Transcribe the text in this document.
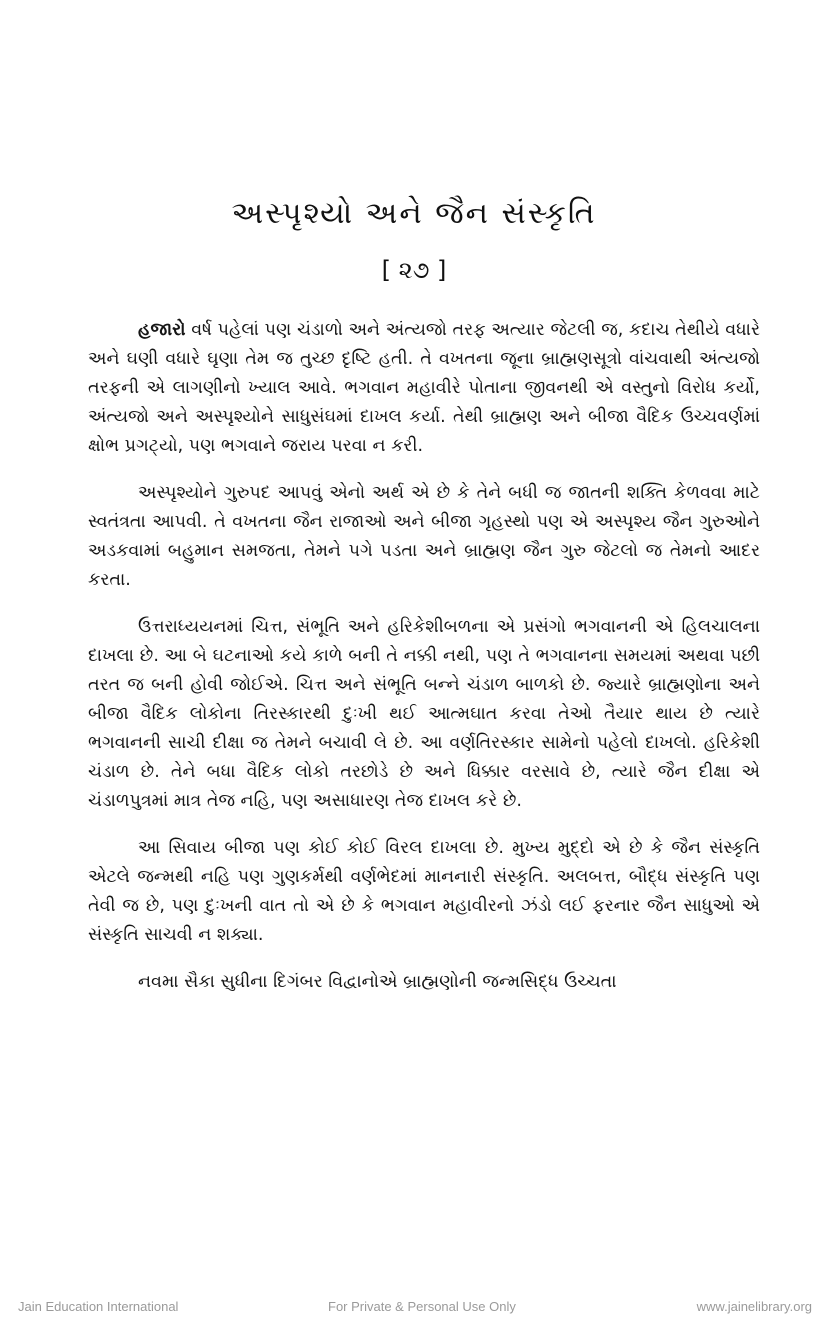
અસ્પૃશ્યો અને જૈન સંસ્કૃતિ
[ ૨૭ ]

હજારો વર્ષ પહેલાં પણ ચંડાળો અને અંત્યજો તરફ અત્યાર જેટલી જ, કદાચ તેથીયે વધારે અને ઘણી વધારે ઘૃણા તેમ જ તુચ્છ દૃષ્ટિ હતી. તે વખતના જૂના બ્રાહ્મણસૂત્રો વાંચવાથી અંત્યજો તરફની એ લાગણીનો ખ્યાલ આવે. ભગવાન મહાવીરે પોતાના જીવનથી એ વસ્તુનો વિરોધ કર્યો, અંત્યજો અને અસ્પૃશ્યોને સાધુસંઘમાં દાખલ કર્યા. તેથી બ્રાહ્મણ અને બીજા વૈદિક ઉચ્ચવર્ણમાં ક્ષોભ પ્રગટ્યો, પણ ભગવાને જરાય પરવા ન કરી.

અસ્પૃશ્યોને ગુરુપદ આપવું એનો અર્થ એ છે કે તેને બધી જ જાતની શક્તિ કેળવવા માટે સ્વતંત્રતા આપવી. તે વખતના જૈન રાજાઓ અને બીજા ગૃહસ્થો પણ એ અસ્પૃશ્ય જૈન ગુરુઓને અડકવામાં બહુમાન સમજતા, તેમને પગે પડતા અને બ્રાહ્મણ જૈન ગુરુ જેટલો જ તેમનો આદર કરતા.

ઉત્તરાધ્યયનમાં ચિત્ત, સંભૂતિ અને હરિકેશીબળના એ પ્રસંગો ભગવાનની એ હિલચાલના દાખલા છે. આ બે ઘટનાઓ કયે કાળે બની તે નક્કી નથી, પણ તે ભગવાનના સમયમાં અથવા પછી તરત જ બની હોવી જોઈએ. ચિત્ત અને સંભૂતિ બન્ને ચંડાળ બાળકો છે. જ્યારે બ્રાહ્મણોના અને બીજા વૈદિક લોકોના તિરસ્કારથી દુઃખી થઈ આત્મઘાત કરવા તેઓ તૈયાર થાય છે ત્યારે ભગવાનની સાચી દીક્ષા જ તેમને બચાવી લે છે. આ વર્ણતિરસ્કાર સામેનો પહેલો દાખલો. હરિકેશી ચંડાળ છે. તેને બધા વૈદિક લોકો તરછોડે છે અને ધિક્કાર વરસાવે છે, ત્યારે જૈન દીક્ષા એ ચંડાળપુત્રમાં માત્ર તેજ નહિ, પણ અસાધારણ તેજ દાખલ કરે છે.

આ સિવાય બીજા પણ કોઈ કોઈ વિરલ દાખલા છે. મુખ્ય મુદ્દો એ છે કે જૈન સંસ્કૃતિ એટલે જન્મથી નહિ પણ ગુણકર્મથી વર્ણભેદમાં માનનારી સંસ્કૃતિ. અલબત્ત, બૌદ્ધ સંસ્કૃતિ પણ તેવી જ છે, પણ દુઃખની વાત તો એ છે કે ભગવાન મહાવીરનો ઝંડો લઈ ફરનાર જૈન સાધુઓ એ સંસ્કૃતિ સાચવી ન શક્યા.

નવમા સૈકા સુધીના દિગંબર વિદ્વાનોએ બ્રાહ્મણોની જન્મસિદ્ધ ઉચ્ચતા

Jain Education International	For Private & Personal Use Only	www.jainelibrary.org
